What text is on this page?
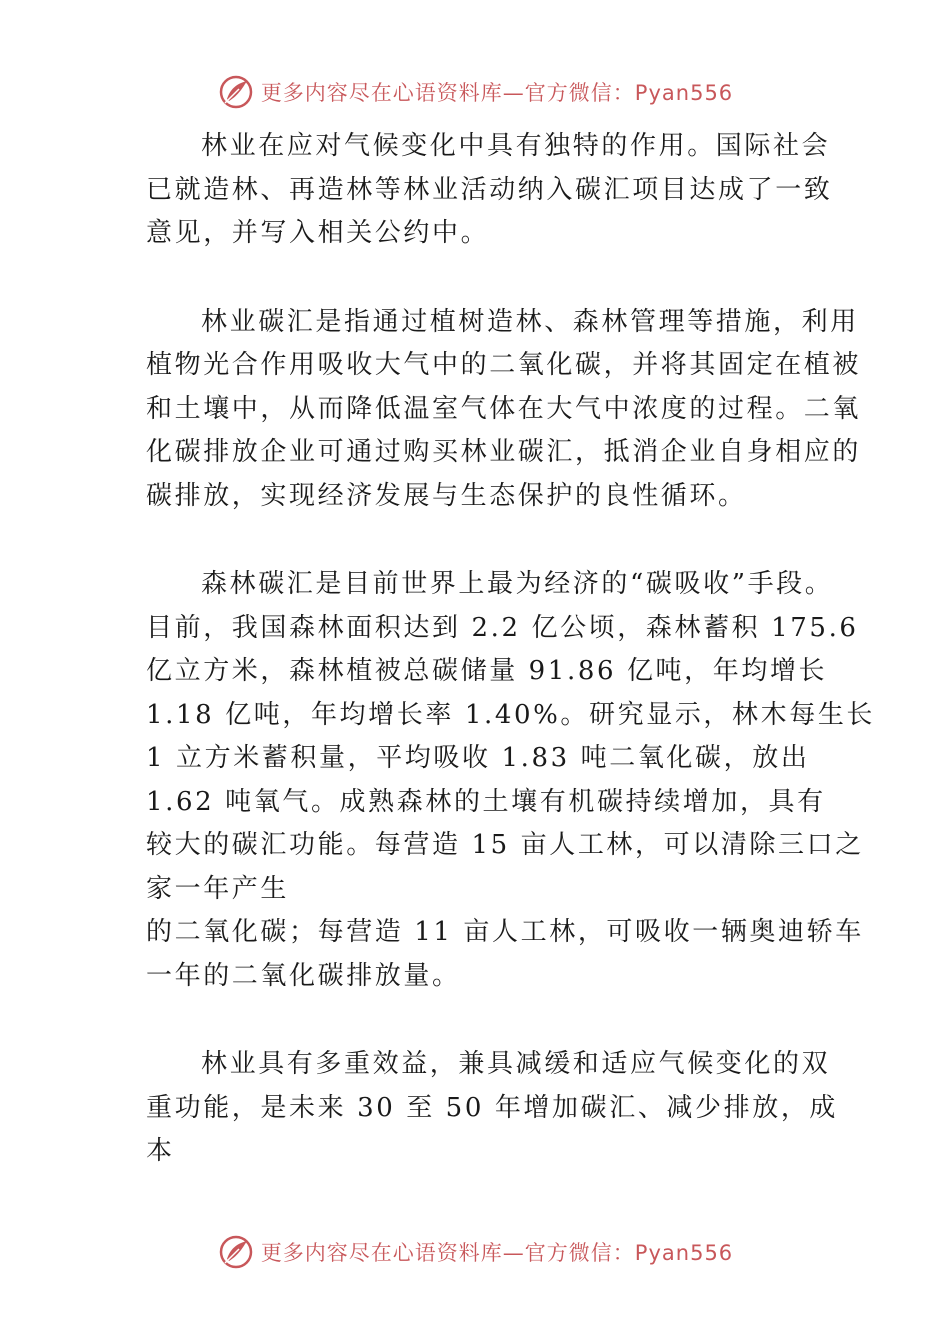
更多内容尽在心语资料库—官方微信：Pyan556

林业在应对气候变化中具有独特的作用。国际社会
已就造林、再造林等林业活动纳入碳汇项目达成了一致
意见，并写入相关公约中。

林业碳汇是指通过植树造林、森林管理等措施，利用
植物光合作用吸收大气中的二氧化碳，并将其固定在植被
和土壤中，从而降低温室气体在大气中浓度的过程。二氧
化碳排放企业可通过购买林业碳汇，抵消企业自身相应的
碳排放，实现经济发展与生态保护的良性循环。

森林碳汇是目前世界上最为经济的“碳吸收”手段。
目前，我国森林面积达到 2.2 亿公顷，森林蓄积 175.6
亿立方米，森林植被总碳储量 91.86 亿吨，年均增长
1.18 亿吨，年均增长率 1.40%。研究显示，林木每生长
1 立方米蓄积量，平均吸收 1.83 吨二氧化碳，放出
1.62 吨氧气。成熟森林的土壤有机碳持续增加，具有
较大的碳汇功能。每营造 15 亩人工林，可以清除三口之
家一年产生
的二氧化碳；每营造 11 亩人工林，可吸收一辆奥迪轿车
一年的二氧化碳排放量。

林业具有多重效益，兼具减缓和适应气候变化的双
重功能，是未来 30 至 50 年增加碳汇、减少排放，成
本

更多内容尽在心语资料库—官方微信：Pyan556
